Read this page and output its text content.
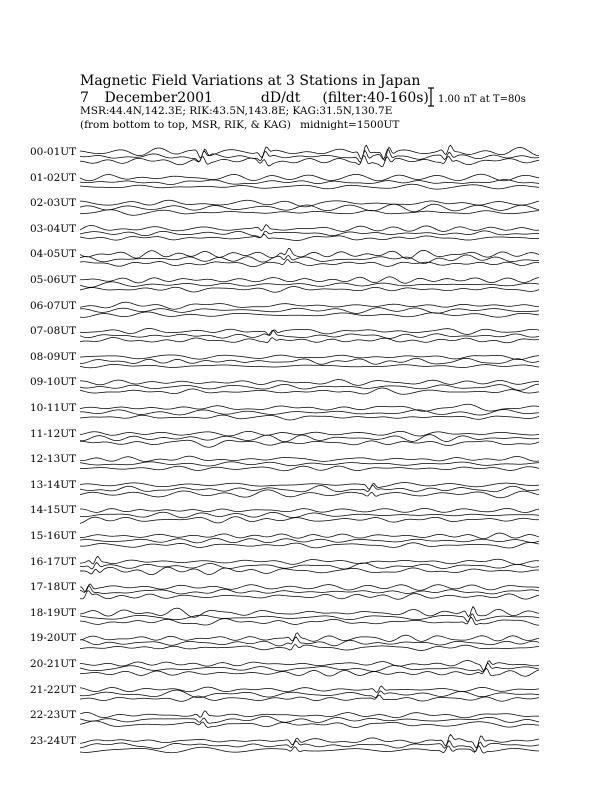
Magnetic Field Variations at 3 Stations in Japan
7 December2001	dD/dt (filter:40-160s)
MSR:44.4N,142.3E; RIK:43.5N,143.8E; KAG:31.5N,130.7E
(from bottom to top, MSR, RIK, & KAG) midnight=1500UT
1.00 nT at T=80s
00-01UT
01-02UT
02-03UT
03-04UT
04-05UT
05-06UT
06-07UT
07-08UT
08-09UT
09-10UT
10-11UT
11-12UT
12-13UT
13-14UT
14-15UT
15-16UT
16-17UT
17-18UT
18-19UT
19-20UT
20-21UT
21-22UT
22-23UT
23-24UT
